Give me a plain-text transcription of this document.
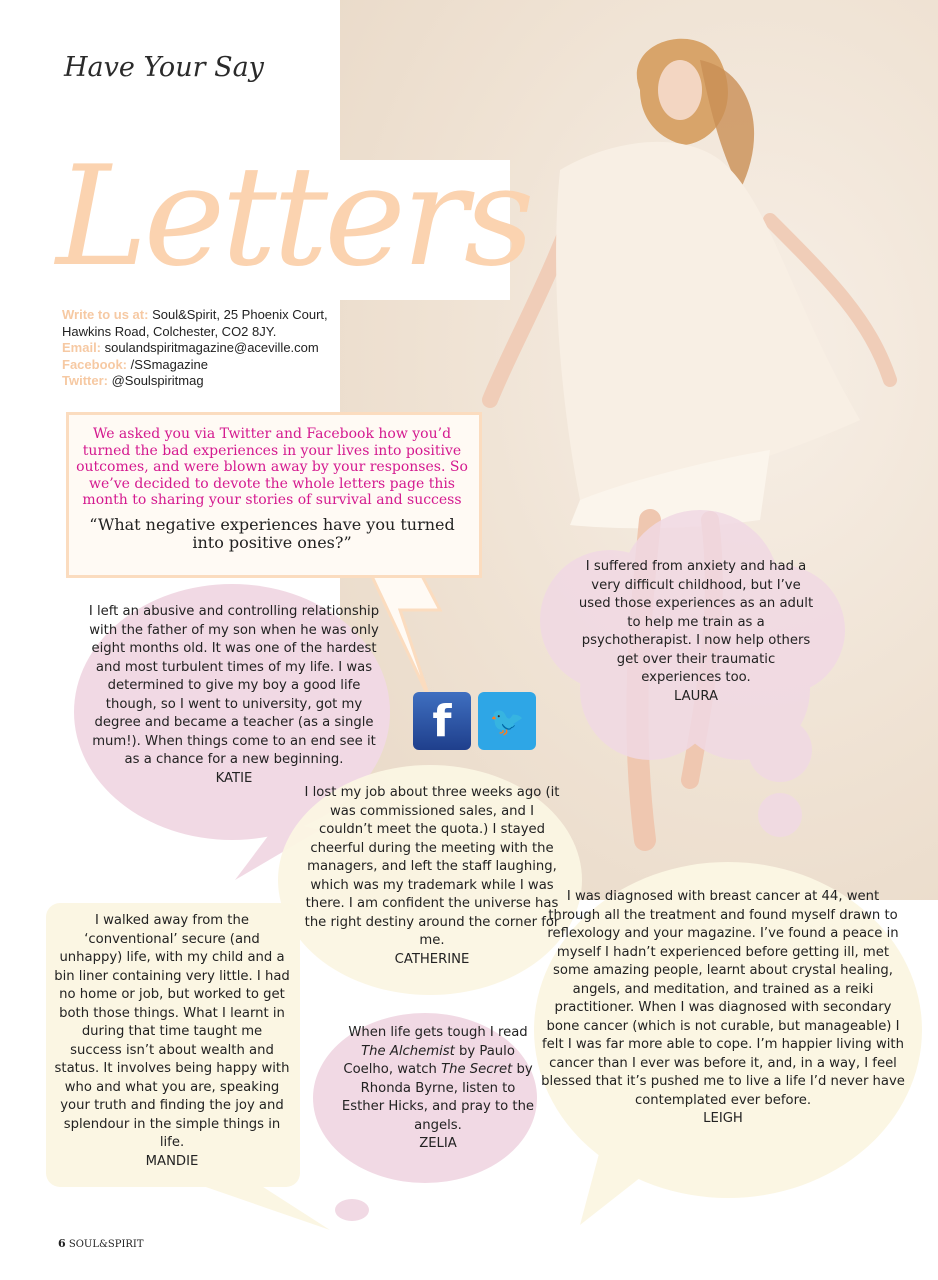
Have Your Say
Letters
Write to us at: Soul&Spirit, 25 Phoenix Court,
Hawkins Road, Colchester, CO2 8JY.
Email: soulandspiritmagazine@aceville.com
Facebook: /SSmagazine
Twitter: @Soulspiritmag
We asked you via Twitter and Facebook how you’d turned the bad experiences in your lives into positive outcomes, and were blown away by your responses. So we’ve decided to devote the whole letters page this month to sharing your stories of survival and success
“What negative experiences have you turned into positive ones?”
I left an abusive and controlling relationship with the father of my son when he was only eight months old. It was one of the hardest and most turbulent times of my life. I was determined to give my boy a good life though, so I went to university, got my degree and became a teacher (as a single mum!). When things come to an end see it as a chance for a new beginning.
KATIE
I suffered from anxiety and had a very difficult childhood, but I’ve used those experiences as an adult to help me train as a psychotherapist. I now help others get over their traumatic experiences too.
LAURA
I lost my job about three weeks ago (it was commissioned sales, and I couldn’t meet the quota.) I stayed cheerful during the meeting with the managers, and left the staff laughing, which was my trademark while I was there. I am confident the universe has the right destiny around the corner for me.
CATHERINE
I walked away from the ‘conventional’ secure (and unhappy) life, with my child and a bin liner containing very little. I had no home or job, but worked to get both those things. What I learnt in during that time taught me success isn’t about wealth and status. It involves being happy with who and what you are, speaking your truth and finding the joy and splendour in the simple things in life.
MANDIE
When life gets tough I read The Alchemist by Paulo Coelho, watch The Secret by Rhonda Byrne, listen to Esther Hicks, and pray to the angels.
ZELIA
I was diagnosed with breast cancer at 44, went through all the treatment and found myself drawn to reflexology and your magazine. I’ve found a peace in myself I hadn’t experienced before getting ill, met some amazing people, learnt about crystal healing, angels, and meditation, and trained as a reiki practitioner. When I was diagnosed with secondary bone cancer (which is not curable, but manageable) I felt I was far more able to cope. I’m happier living with cancer than I ever was before it, and, in a way, I feel blessed that it’s pushed me to live a life I’d never have contemplated ever before.
LEIGH
f	🐦
6 SOUL&SPIRIT
